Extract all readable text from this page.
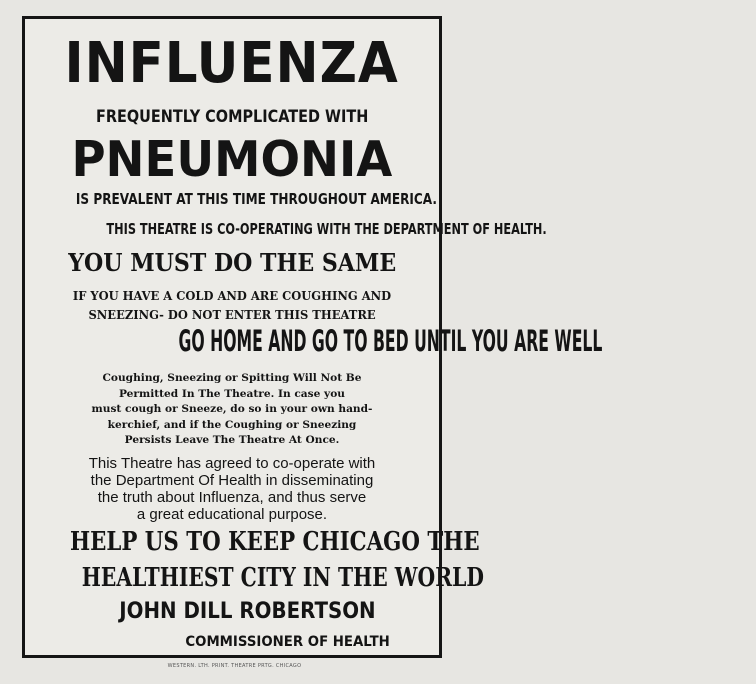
INFLUENZA
FREQUENTLY COMPLICATED WITH
PNEUMONIA
IS PREVALENT AT THIS TIME THROUGHOUT AMERICA.
THIS THEATRE IS CO-OPERATING WITH THE DEPARTMENT OF HEALTH.
YOU MUST DO THE SAME
IF YOU HAVE A COLD AND ARE COUGHING AND
SNEEZING- DO NOT ENTER THIS THEATRE
GO HOME AND GO TO BED UNTIL YOU ARE WELL
Coughing, Sneezing or Spitting Will Not Be
Permitted In The Theatre. In case you
must cough or Sneeze, do so in your own hand-
kerchief, and if the Coughing or Sneezing
Persists Leave The Theatre At Once.
This Theatre has agreed to co-operate with
the Department Of Health in disseminating
the truth about Influenza, and thus serve
a great educational purpose.
HELP US TO KEEP CHICAGO THE
HEALTHIEST CITY IN THE WORLD
JOHN DILL ROBERTSON
COMMISSIONER OF HEALTH
WESTERN. LTH. PRINT. THEATRE PRTG. CHICAGO
